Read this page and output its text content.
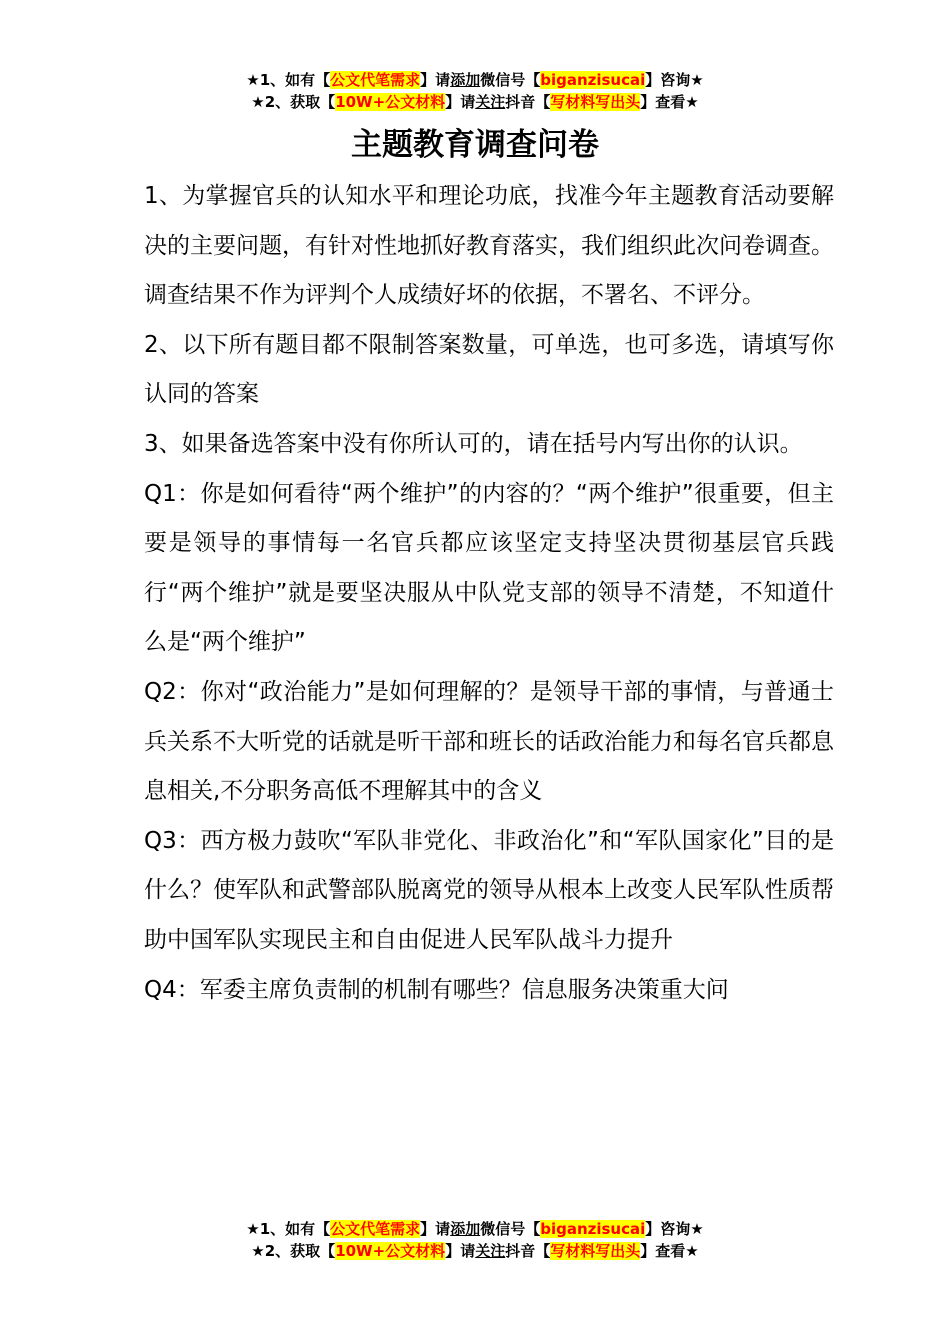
★1、如有【公文代笔需求】请添加微信号【biganzisucai】咨询★
★2、获取【10W+公文材料】请关注抖音【写材料写出头】查看★
主题教育调查问卷

1、为掌握官兵的认知水平和理论功底，找准今年主题教育活动要解决的主要问题，有针对性地抓好教育落实，我们组织此次问卷调查。调查结果不作为评判个人成绩好坏的依据，不署名、不评分。

2、以下所有题目都不限制答案数量，可单选，也可多选，请填写你认同的答案

3、如果备选答案中没有你所认可的，请在括号内写出你的认识。

Q1：你是如何看待“两个维护”的内容的？“两个维护”很重要，但主要是领导的事情每一名官兵都应该坚定支持坚决贯彻基层官兵践行“两个维护”就是要坚决服从中队党支部的领导不清楚，不知道什么是“两个维护”

Q2：你对“政治能力”是如何理解的？是领导干部的事情，与普通士兵关系不大听党的话就是听干部和班长的话政治能力和每名官兵都息息相关,不分职务高低不理解其中的含义

Q3：西方极力鼓吹“军队非党化、非政治化”和“军队国家化”目的是什么？使军队和武警部队脱离党的领导从根本上改变人民军队性质帮助中国军队实现民主和自由促进人民军队战斗力提升

Q4：军委主席负责制的机制有哪些？信息服务决策重大问

★1、如有【公文代笔需求】请添加微信号【biganzisucai】咨询★
★2、获取【10W+公文材料】请关注抖音【写材料写出头】查看★
